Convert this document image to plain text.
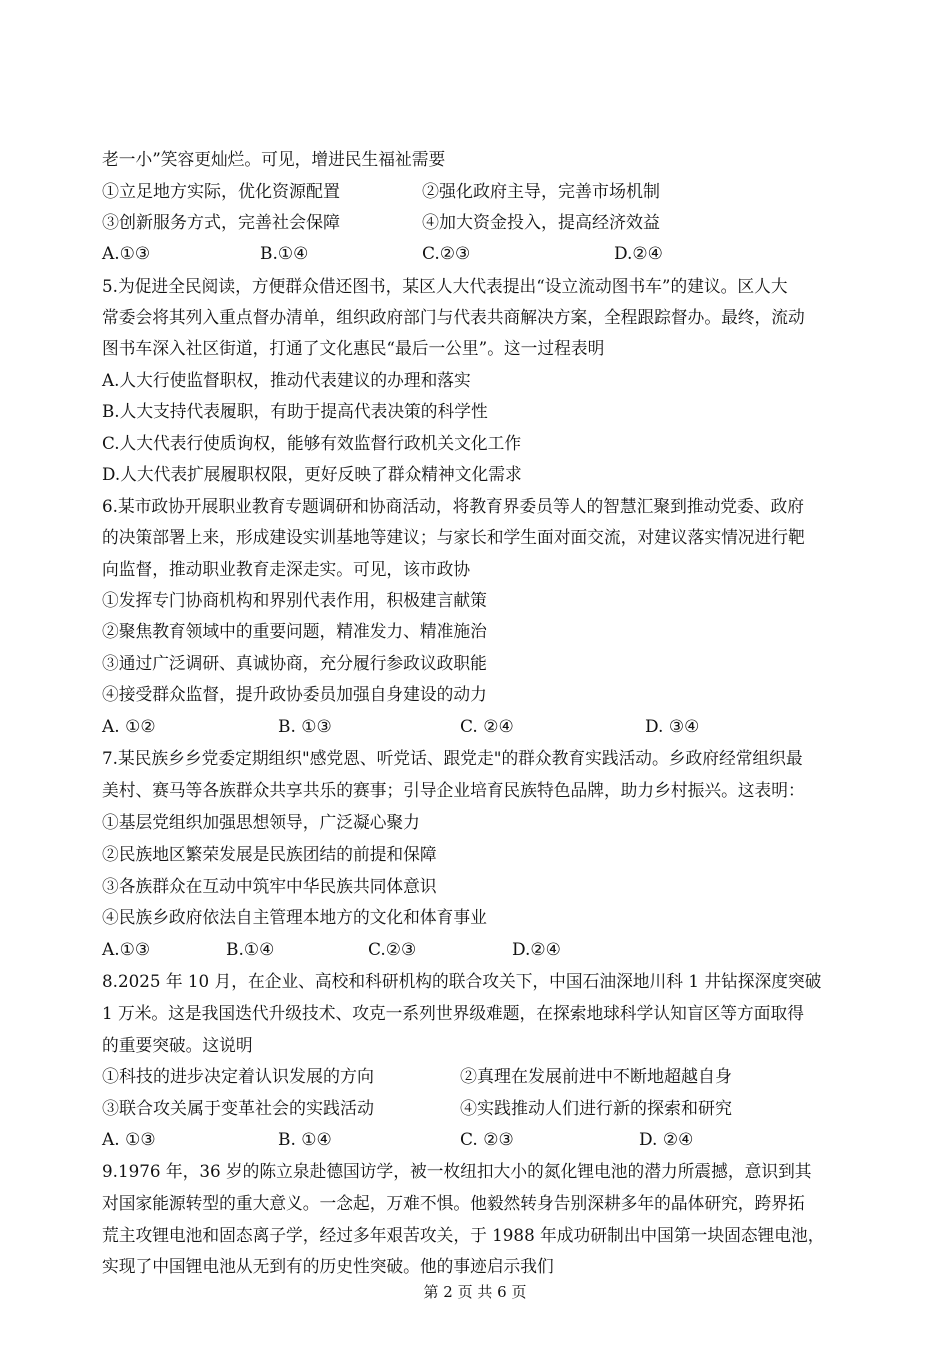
老一小”笑容更灿烂。可见，增进民生福祉需要
①立足地方实际，优化资源配置	②强化政府主导，完善市场机制
③创新服务方式，完善社会保障	④加大资金投入，提高经济效益
A.①③	B.①④	C.②③	D.②④
5.为促进全民阅读，方便群众借还图书，某区人大代表提出“设立流动图书车”的建议。区人大
常委会将其列入重点督办清单，组织政府部门与代表共商解决方案，全程跟踪督办。最终，流动
图书车深入社区街道，打通了文化惠民“最后一公里”。这一过程表明
A.人大行使监督职权，推动代表建议的办理和落实
B.人大支持代表履职，有助于提高代表决策的科学性
C.人大代表行使质询权，能够有效监督行政机关文化工作
D.人大代表扩展履职权限，更好反映了群众精神文化需求
6.某市政协开展职业教育专题调研和协商活动，将教育界委员等人的智慧汇聚到推动党委、政府
的决策部署上来，形成建设实训基地等建议；与家长和学生面对面交流，对建议落实情况进行靶
向监督，推动职业教育走深走实。可见，该市政协
①发挥专门协商机构和界别代表作用，积极建言献策
②聚焦教育领域中的重要问题，精准发力、精准施治
③通过广泛调研、真诚协商，充分履行参政议政职能
④接受群众监督，提升政协委员加强自身建设的动力
A. ①②	B. ①③	C. ②④	D. ③④
7.某民族乡乡党委定期组织"感党恩、听党话、跟党走"的群众教育实践活动。乡政府经常组织最
美村、赛马等各族群众共享共乐的赛事；引导企业培育民族特色品牌，助力乡村振兴。这表明：
①基层党组织加强思想领导，广泛凝心聚力
②民族地区繁荣发展是民族团结的前提和保障
③各族群众在互动中筑牢中华民族共同体意识
④民族乡政府依法自主管理本地方的文化和体育事业
A.①③	B.①④	C.②③	D.②④
8.2025 年 10 月，在企业、高校和科研机构的联合攻关下，中国石油深地川科 1 井钻探深度突破
1 万米。这是我国迭代升级技术、攻克一系列世界级难题，在探索地球科学认知盲区等方面取得
的重要突破。这说明
①科技的进步决定着认识发展的方向	②真理在发展前进中不断地超越自身
③联合攻关属于变革社会的实践活动	④实践推动人们进行新的探索和研究
A. ①③	B. ①④	C. ②③	D. ②④
9.1976 年，36 岁的陈立泉赴德国访学，被一枚纽扣大小的氮化锂电池的潜力所震撼，意识到其
对国家能源转型的重大意义。一念起，万难不惧。他毅然转身告别深耕多年的晶体研究，跨界拓
荒主攻锂电池和固态离子学，经过多年艰苦攻关，于 1988 年成功研制出中国第一块固态锂电池，
实现了中国锂电池从无到有的历史性突破。他的事迹启示我们
第 2 页 共 6 页
